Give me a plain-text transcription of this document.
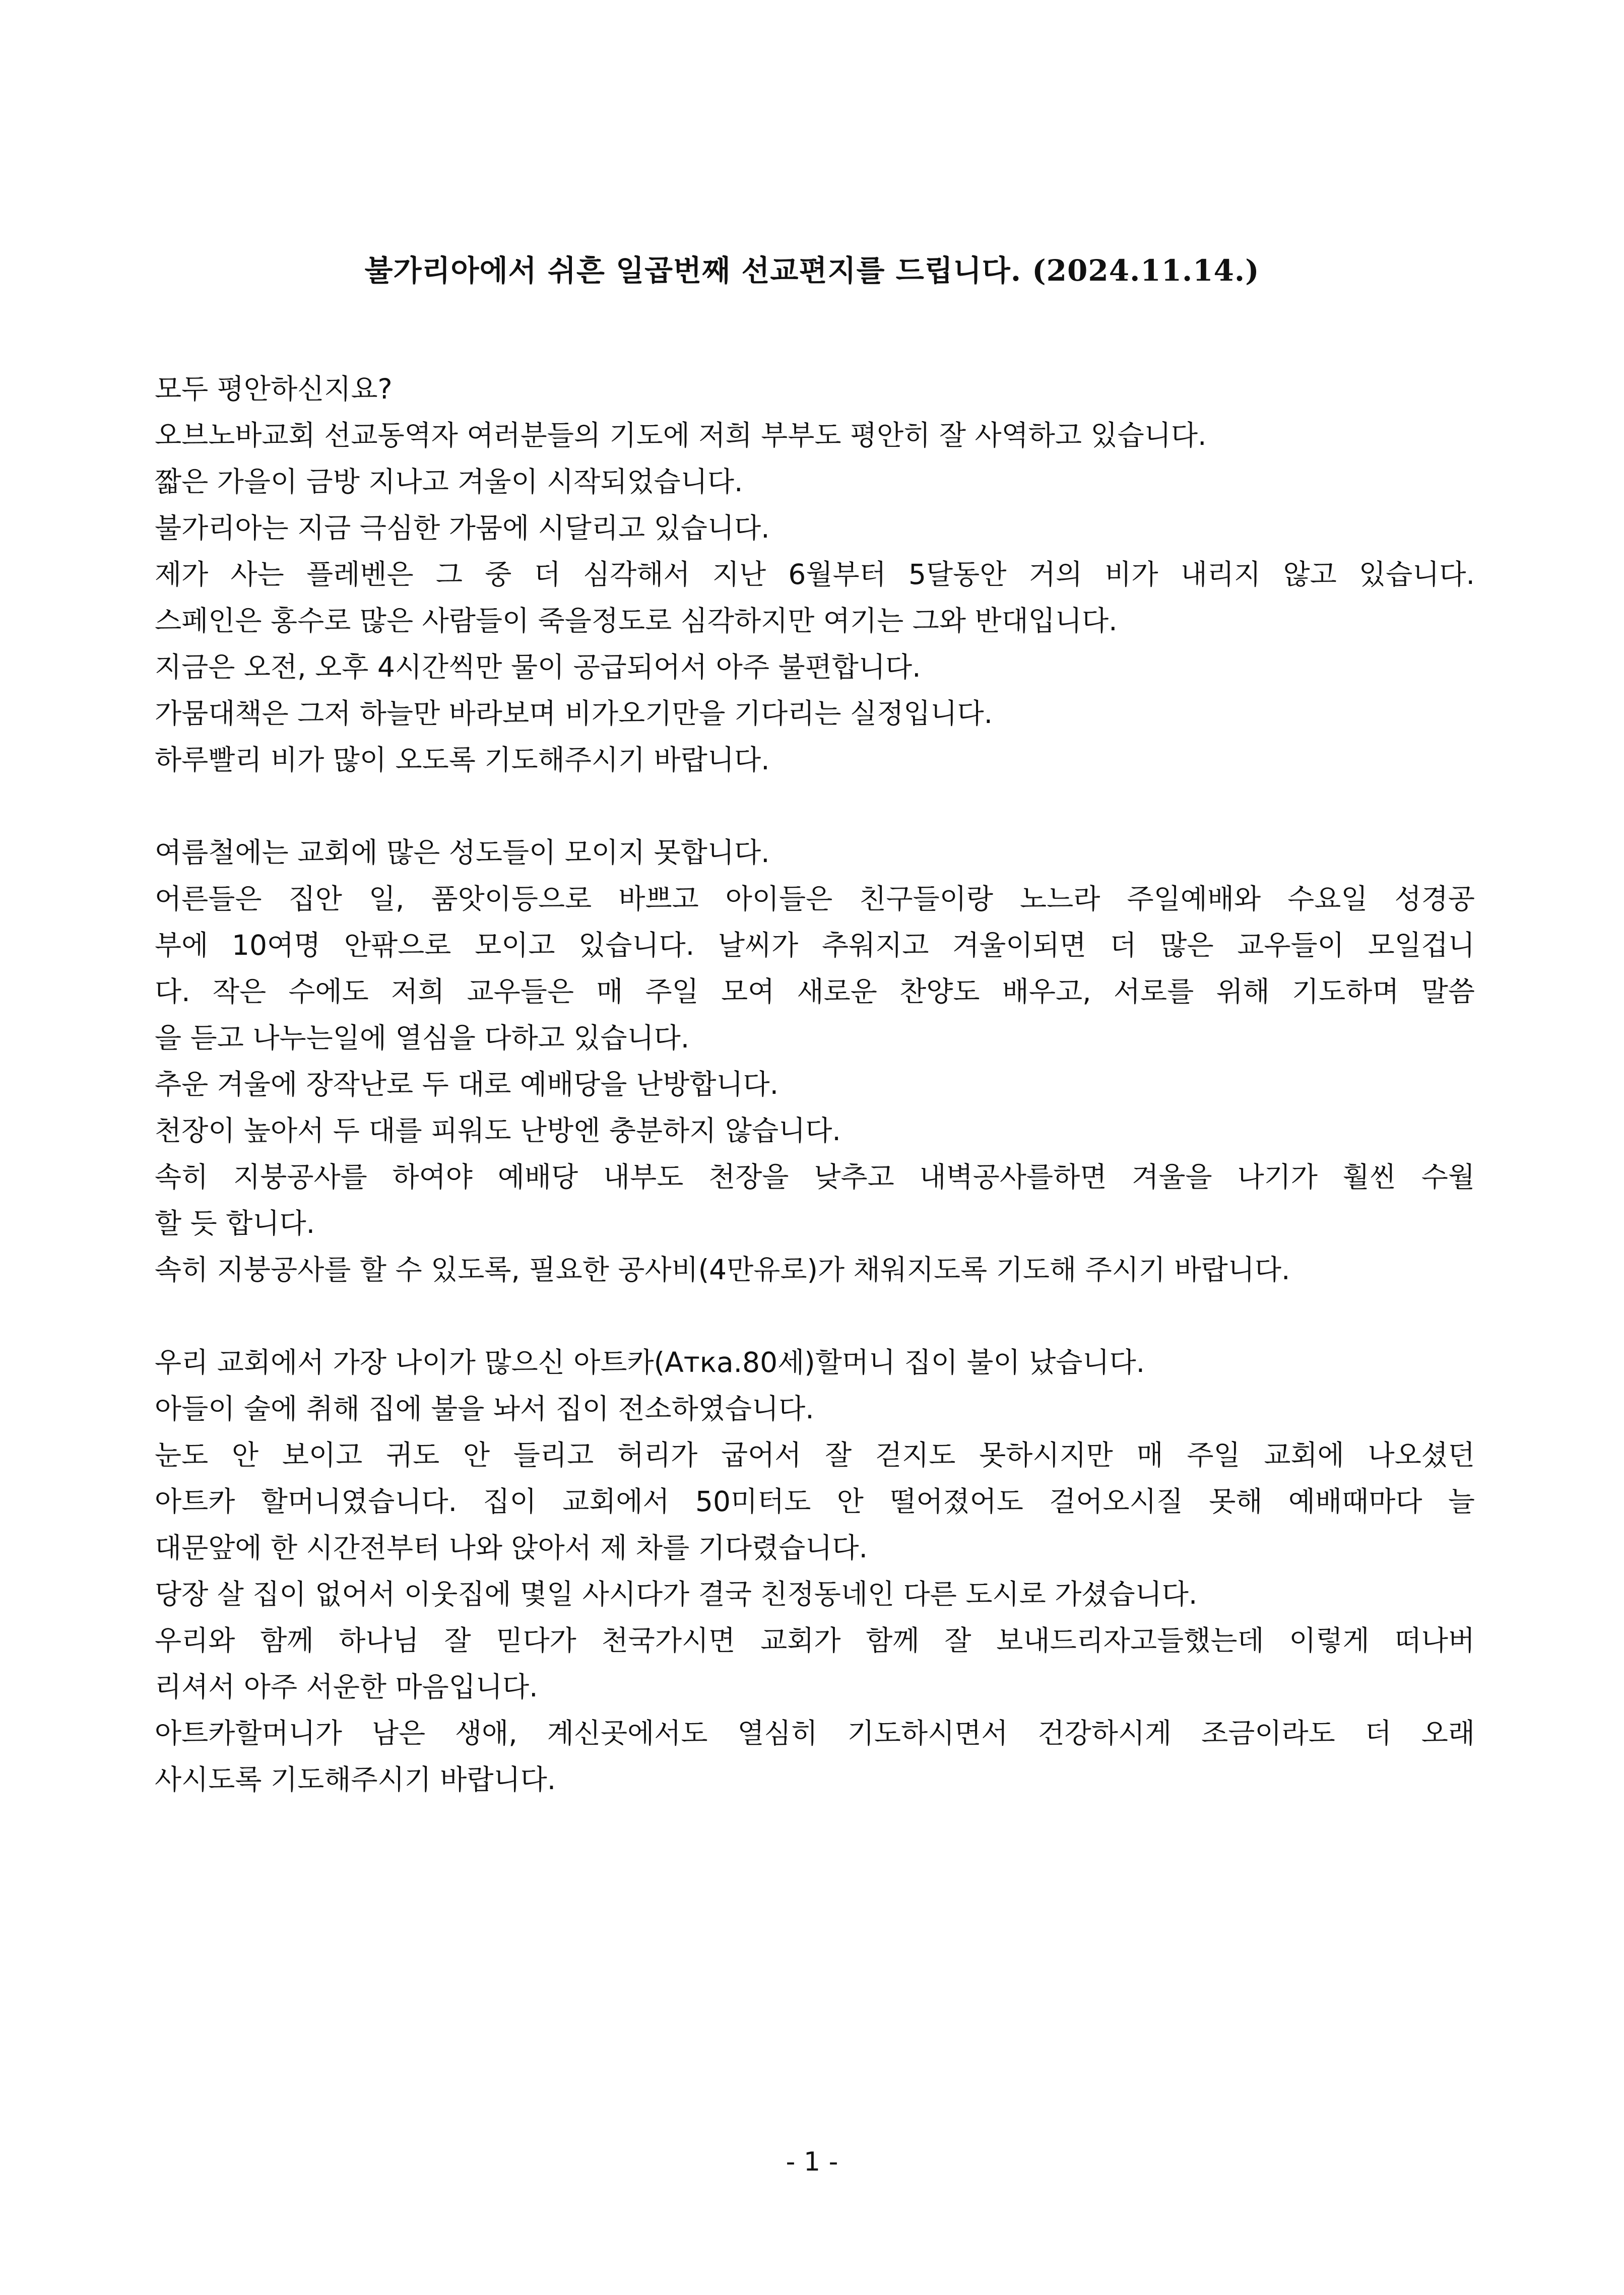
불가리아에서 쉬흔 일곱번째 선교편지를 드립니다. (2024.11.14.)
모두 평안하신지요?
오브노바교회 선교동역자 여러분들의 기도에 저희 부부도 평안히 잘 사역하고 있습니다.
짧은 가을이 금방 지나고 겨울이 시작되었습니다.
불가리아는 지금 극심한 가뭄에 시달리고 있습니다.
제가 사는 플레벤은 그 중 더 심각해서 지난 6월부터 5달동안 거의 비가 내리지 않고 있습니다.
스페인은 홍수로 많은 사람들이 죽을정도로 심각하지만 여기는 그와 반대입니다.
지금은 오전, 오후 4시간씩만 물이 공급되어서 아주 불편합니다.
가뭄대책은 그저 하늘만 바라보며 비가오기만을 기다리는 실정입니다.
하루빨리 비가 많이 오도록 기도해주시기 바랍니다.
여름철에는 교회에 많은 성도들이 모이지 못합니다.
어른들은 집안 일, 품앗이등으로 바쁘고 아이들은 친구들이랑 노느라 주일예배와 수요일 성경공
부에 10여명 안팎으로 모이고 있습니다. 날씨가 추워지고 겨울이되면 더 많은 교우들이 모일겁니
다. 작은 수에도 저희 교우들은 매 주일 모여 새로운 찬양도 배우고, 서로를 위해 기도하며 말씀
을 듣고 나누는일에 열심을 다하고 있습니다.
추운 겨울에 장작난로 두 대로 예배당을 난방합니다.
천장이 높아서 두 대를 피워도 난방엔 충분하지 않습니다.
속히 지붕공사를 하여야 예배당 내부도 천장을 낮추고 내벽공사를하면 겨울을 나기가 훨씬 수월
할 듯 합니다.
속히 지붕공사를 할 수 있도록, 필요한 공사비(4만유로)가 채워지도록 기도해 주시기 바랍니다.
우리 교회에서 가장 나이가 많으신 아트카(Атка.80세)할머니 집이 불이 났습니다.
아들이 술에 취해 집에 불을 놔서 집이 전소하였습니다.
눈도 안 보이고 귀도 안 들리고 허리가 굽어서 잘 걷지도 못하시지만 매 주일 교회에 나오셨던
아트카 할머니였습니다. 집이 교회에서 50미터도 안 떨어졌어도 걸어오시질 못해 예배때마다 늘
대문앞에 한 시간전부터 나와 앉아서 제 차를 기다렸습니다.
당장 살 집이 없어서 이웃집에 몇일 사시다가 결국 친정동네인 다른 도시로 가셨습니다.
우리와 함께 하나님 잘 믿다가 천국가시면 교회가 함께 잘 보내드리자고들했는데 이렇게 떠나버
리셔서 아주 서운한 마음입니다.
아트카할머니가 남은 생애, 계신곳에서도 열심히 기도하시면서 건강하시게 조금이라도 더 오래
사시도록 기도해주시기 바랍니다.
- 1 -
